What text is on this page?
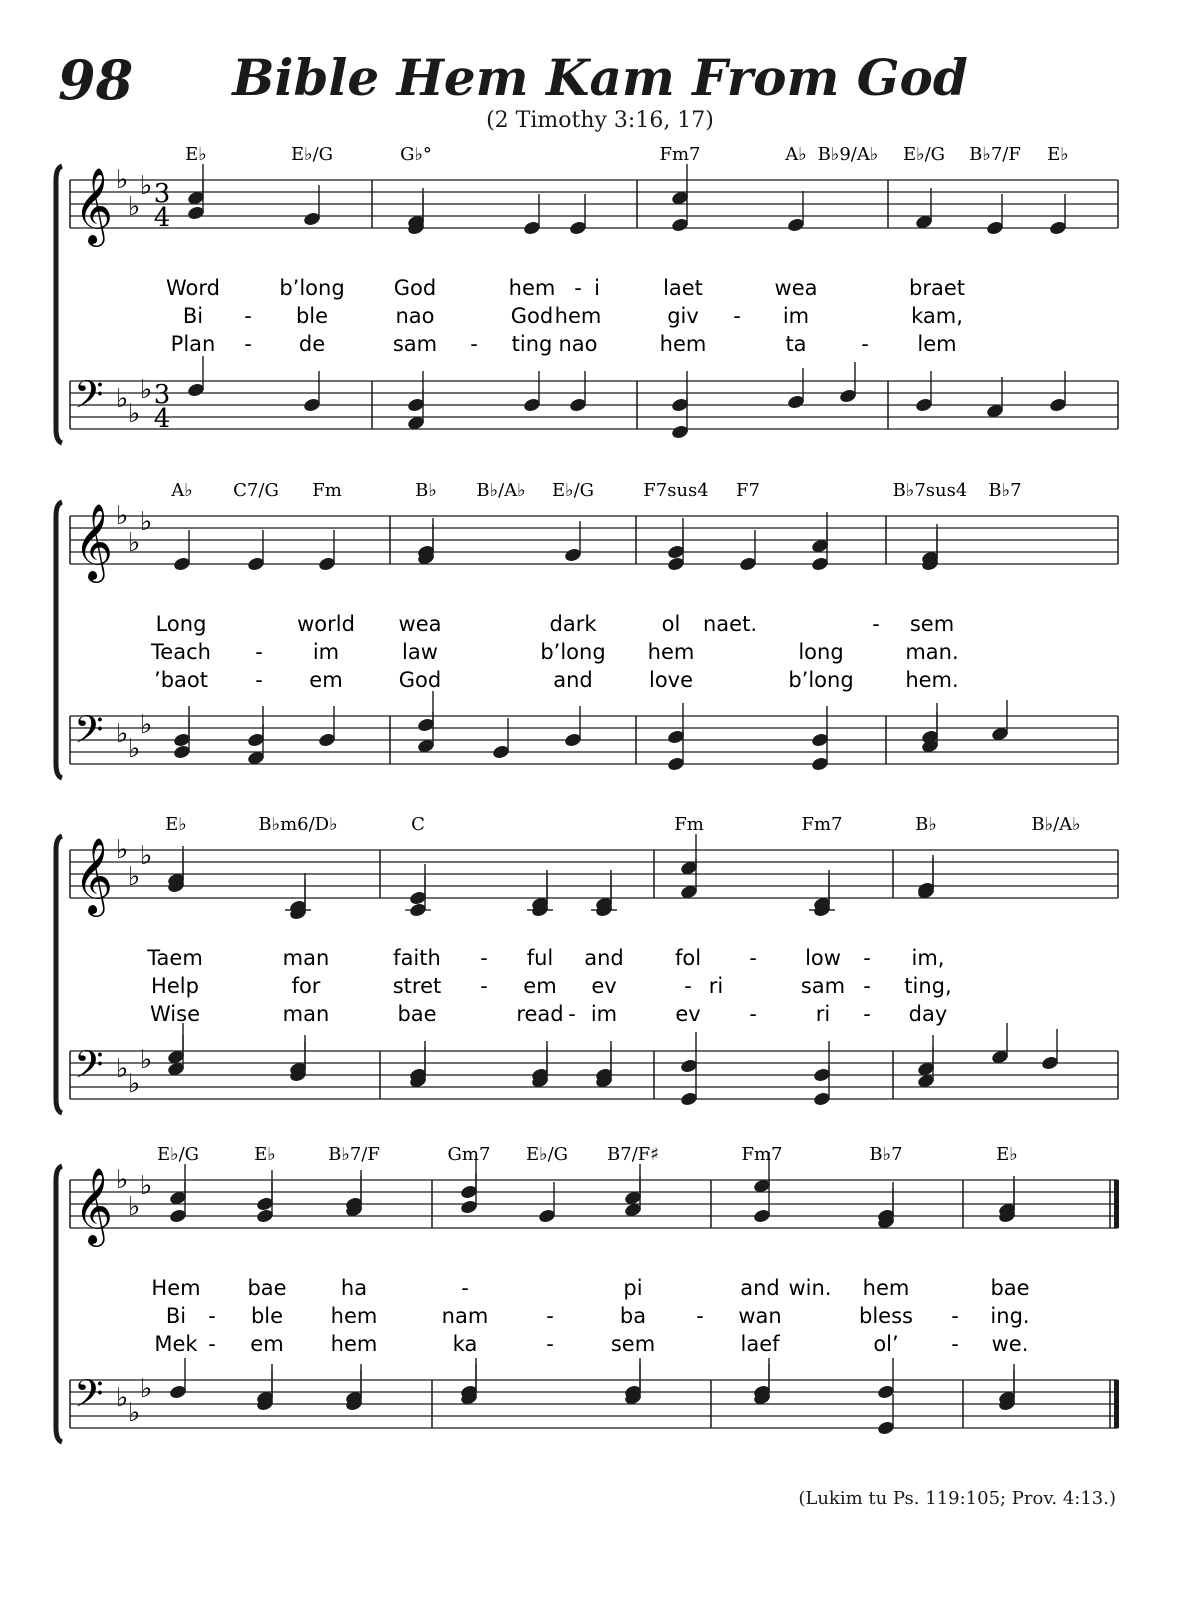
98	Bible Hem Kam From God
(2 Timothy 3:16, 17)
𝄞 ♭
♭
♭ 3
4
𝄢 ♭ ♭
♭ 3
4
E♭	E♭/G	G♭°	Fm7	A♭ B♭9/A♭ E♭/G B♭7/F E♭
Word	b’long God	hem - i	laet	wea	braet
Bi - ble	nao	God hem	giv - im	kam,
Plan - de	sam - ting nao	hem	ta	- lem
𝄞 ♭
♭
♭
𝄢 ♭ ♭
♭
A♭ C7/G Fm	B♭ B♭/A♭ E♭/G	F7sus4 F7	B♭7sus4 B♭7
Long	world wea	dark	ol	- sem
naet.
Teach - im	law	b’long hem	long	man.
’baot - em	God	and	love	b’long hem.
𝄞 ♭
♭
♭
𝄢 ♭ ♭
♭
E♭	B♭m6/D♭	C	Fm	Fm7	B♭	B♭/A♭
Taem	man	faith - ful and fol - low - im,
Help	for	stret - em ev	- ri	sam - ting,
Wise	man	bae	read - im	ev -	ri - day
𝄞 ♭
♭
♭
𝄢 ♭ ♭
♭
E♭/G	E♭	B♭7/F	Gm7 E♭/G B7/F♯	Fm7	B♭7	E♭
Hem bae	ha	-	pi	and	hem	bae
win.
Bi - ble hem	nam	-	ba - wan	bless - ing.
Mek - em hem	ka	-	sem	laef	ol’	- we.
(Lukim tu Ps. 119:105; Prov. 4:13.)
